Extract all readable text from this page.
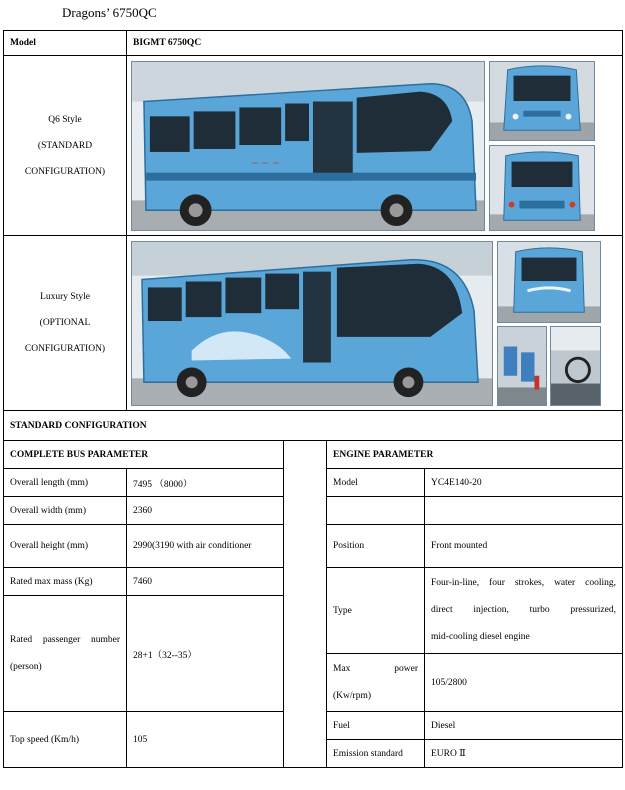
Dragons’ 6750QC
Model	BIGMT 6750QC			

Q6 Style
(STANDARD
CONFIGURATION)	~ ~ ~			

Luxury Style
(OPTIONAL
CONFIGURATION)

STANDARD CONFIGURATION				
COMPLETE BUS PARAMETER			ENGINE PARAMETER	
Overall length (mm)	7495 （8000）		Model	YC4E140-20
Overall width (mm)	2360			
Overall height (mm)	2990(3190 with air conditioner		Position	Front mounted
Rated max mass (Kg)	7460		Type	Four-in-line, four strokes, water cooling,
direct injection, turbo pressurized,
mid-cooling diesel engine

Rated passenger number
(person)	28+1（32--35）			

			Max power
(Kw/rpm)	105/2800
Top speed (Km/h)	105		Fuel	Diesel
			Emission standard	EURO Ⅱ
